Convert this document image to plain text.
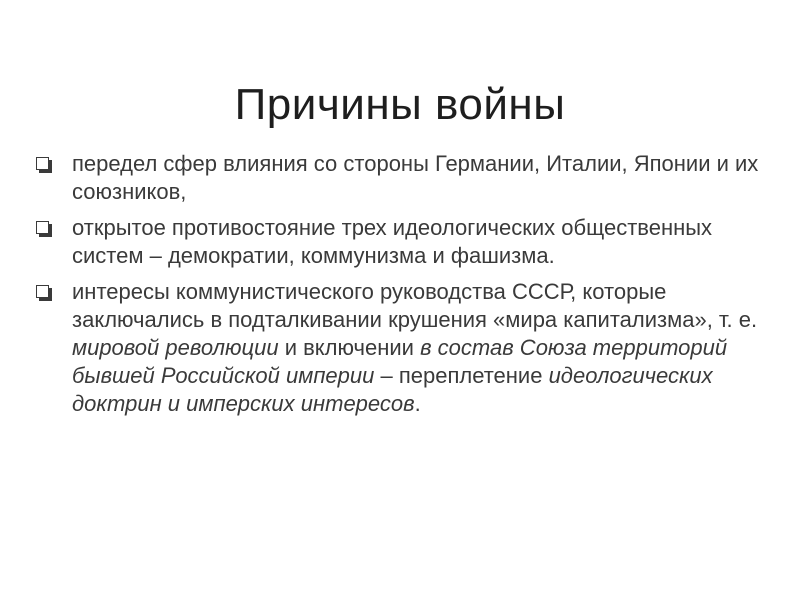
Причины войны
передел сфер влияния со стороны Германии, Италии, Японии и их союзников,
открытое противостояние трех идеологических общественных систем – демократии, коммунизма и фашизма.
интересы коммунистического руководства СССР, которые заключались в подталкивании крушения «мира капитализма», т. е. мировой революции и включении в состав Союза территорий бывшей Российской империи – переплетение идеологических доктрин и имперских интересов.
